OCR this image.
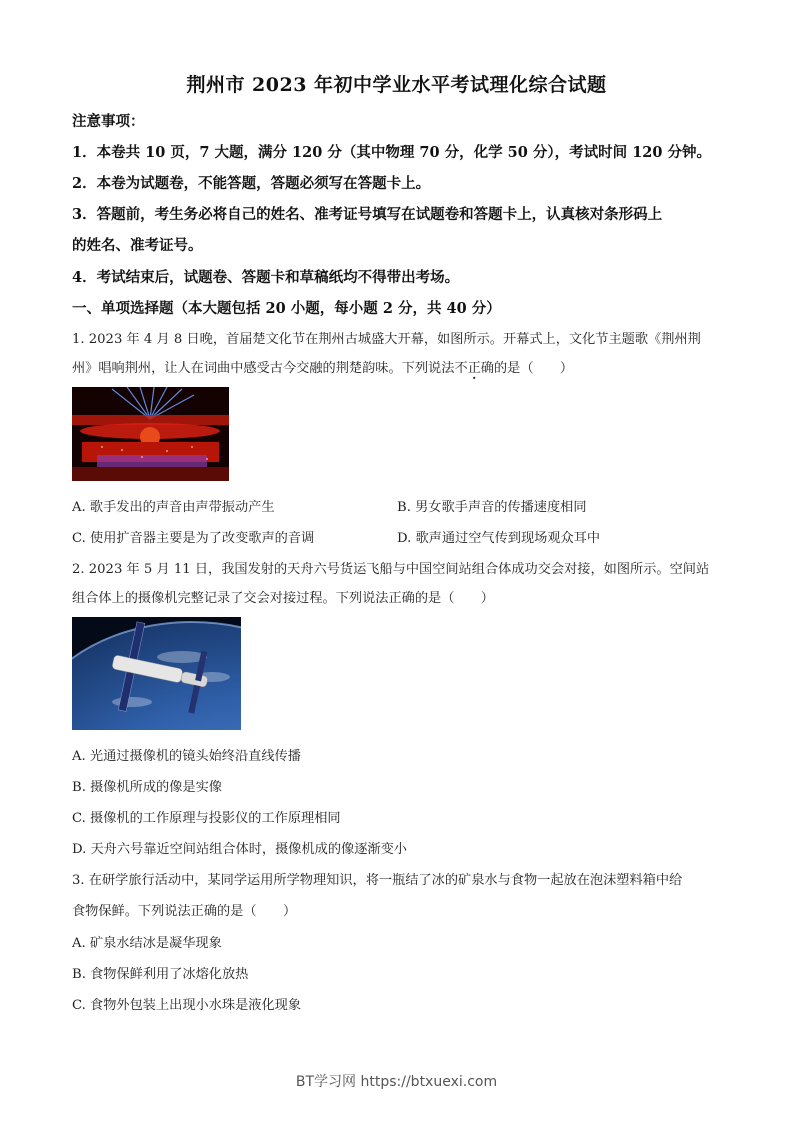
荆州市 2023 年初中学业水平考试理化综合试题
注意事项：
1．本卷共 10 页，7 大题，满分 120 分（其中物理 70 分，化学 50 分），考试时间 120 分钟。
2．本卷为试题卷，不能答题，答题必须写在答题卡上。
3．答题前，考生务必将自己的姓名、准考证号填写在试题卷和答题卡上，认真核对条形码上
的姓名、准考证号。
4．考试结束后，试题卷、答题卡和草稿纸均不得带出考场。
一、单项选择题（本大题包括 20 小题，每小题 2 分，共 40 分）
1. 2023 年 4 月 8 日晚，首届楚文化节在荆州古城盛大开幕，如图所示。开幕式上，文化节主题歌《荆州荆
州》唱响荆州，让人在词曲中感受古今交融的荆楚韵味。下列说法不正确的是（　　）
A. 歌手发出的声音由声带振动产生	B. 男女歌手声音的传播速度相同
C. 使用扩音器主要是为了改变歌声的音调	D. 歌声通过空气传到现场观众耳中
2. 2023 年 5 月 11 日，我国发射的天舟六号货运飞船与中国空间站组合体成功交会对接，如图所示。空间站
组合体上的摄像机完整记录了交会对接过程。下列说法正确的是（　　）
A. 光通过摄像机的镜头始终沿直线传播
B. 摄像机所成的像是实像
C. 摄像机的工作原理与投影仪的工作原理相同
D. 天舟六号靠近空间站组合体时，摄像机成的像逐渐变小
3. 在研学旅行活动中，某同学运用所学物理知识，将一瓶结了冰的矿泉水与食物一起放在泡沫塑料箱中给
食物保鲜。下列说法正确的是（　　）
A. 矿泉水结冰是凝华现象
B. 食物保鲜利用了冰熔化放热
C. 食物外包装上出现小水珠是液化现象
BT学习网 https://btxuexi.com
